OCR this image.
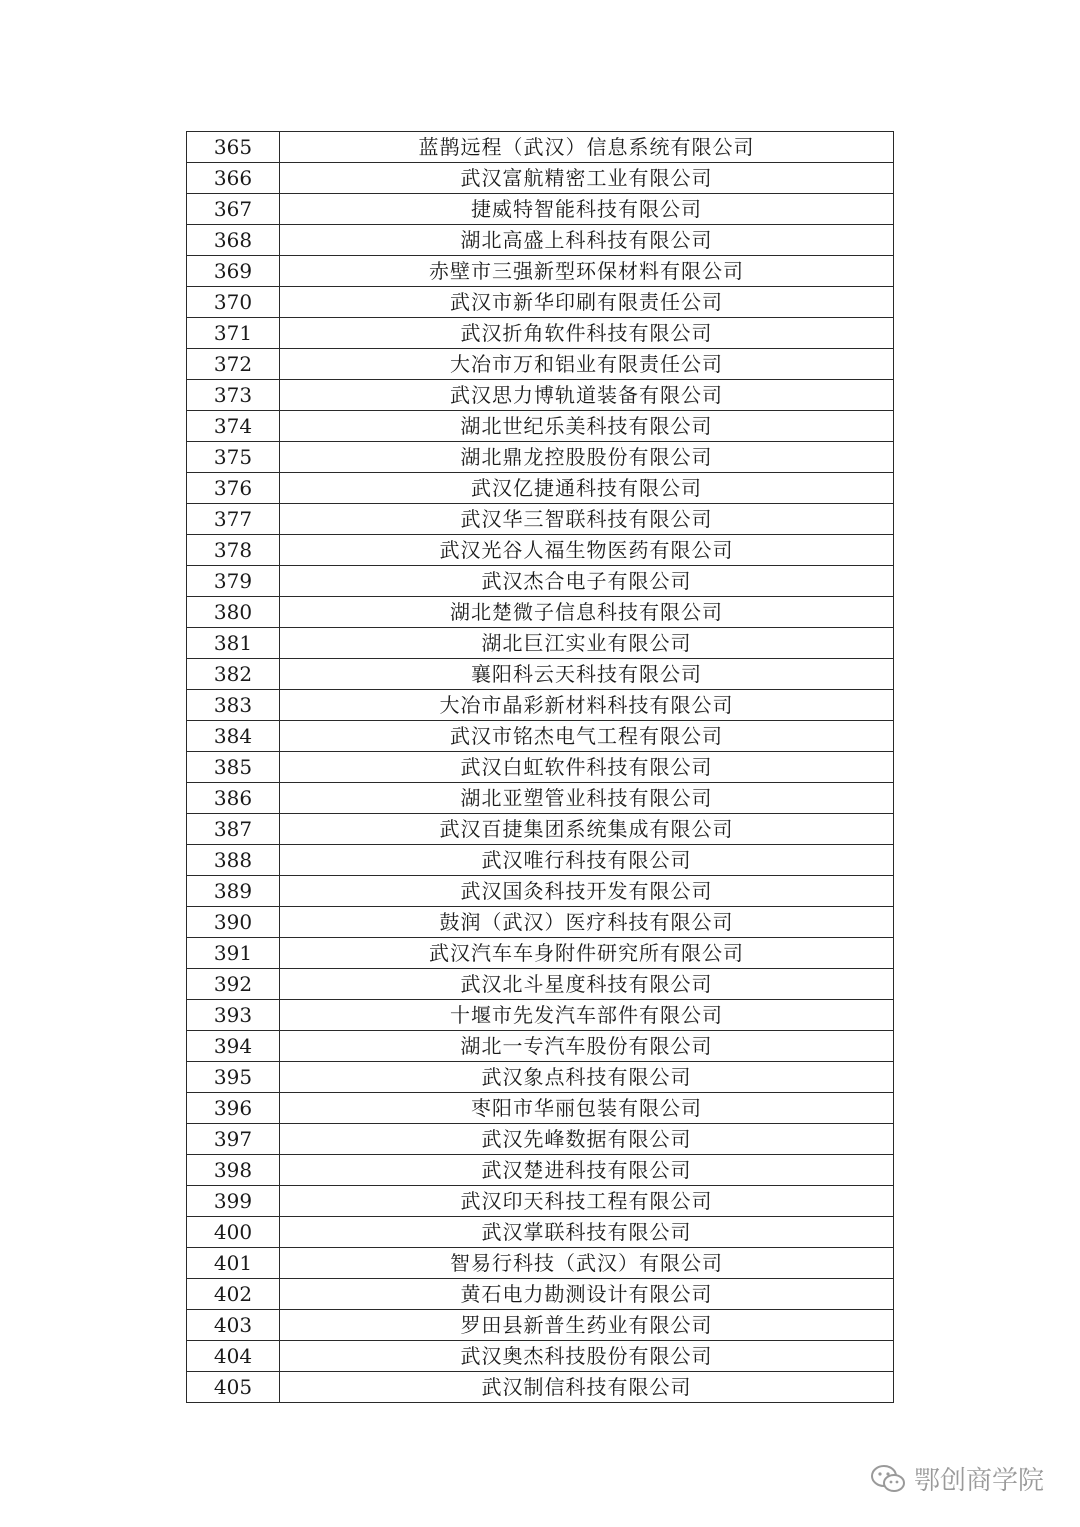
365	蓝鹊远程（武汉）信息系统有限公司
366	武汉富航精密工业有限公司
367	捷威特智能科技有限公司
368	湖北高盛上科科技有限公司
369	赤壁市三强新型环保材料有限公司
370	武汉市新华印刷有限责任公司
371	武汉折角软件科技有限公司
372	大冶市万和铝业有限责任公司
373	武汉思力博轨道装备有限公司
374	湖北世纪乐美科技有限公司
375	湖北鼎龙控股股份有限公司
376	武汉亿捷通科技有限公司
377	武汉华三智联科技有限公司
378	武汉光谷人福生物医药有限公司
379	武汉杰合电子有限公司
380	湖北楚微子信息科技有限公司
381	湖北巨江实业有限公司
382	襄阳科云天科技有限公司
383	大冶市晶彩新材料科技有限公司
384	武汉市铭杰电气工程有限公司
385	武汉白虹软件科技有限公司
386	湖北亚塑管业科技有限公司
387	武汉百捷集团系统集成有限公司
388	武汉唯行科技有限公司
389	武汉国灸科技开发有限公司
390	鼓润（武汉）医疗科技有限公司
391	武汉汽车车身附件研究所有限公司
392	武汉北斗星度科技有限公司
393	十堰市先发汽车部件有限公司
394	湖北一专汽车股份有限公司
395	武汉象点科技有限公司
396	枣阳市华丽包装有限公司
397	武汉先峰数据有限公司
398	武汉楚进科技有限公司
399	武汉印天科技工程有限公司
400	武汉掌联科技有限公司
401	智易行科技（武汉）有限公司
402	黄石电力勘测设计有限公司
403	罗田县新普生药业有限公司
404	武汉奥杰科技股份有限公司
405	武汉制信科技有限公司
鄂创商学院
